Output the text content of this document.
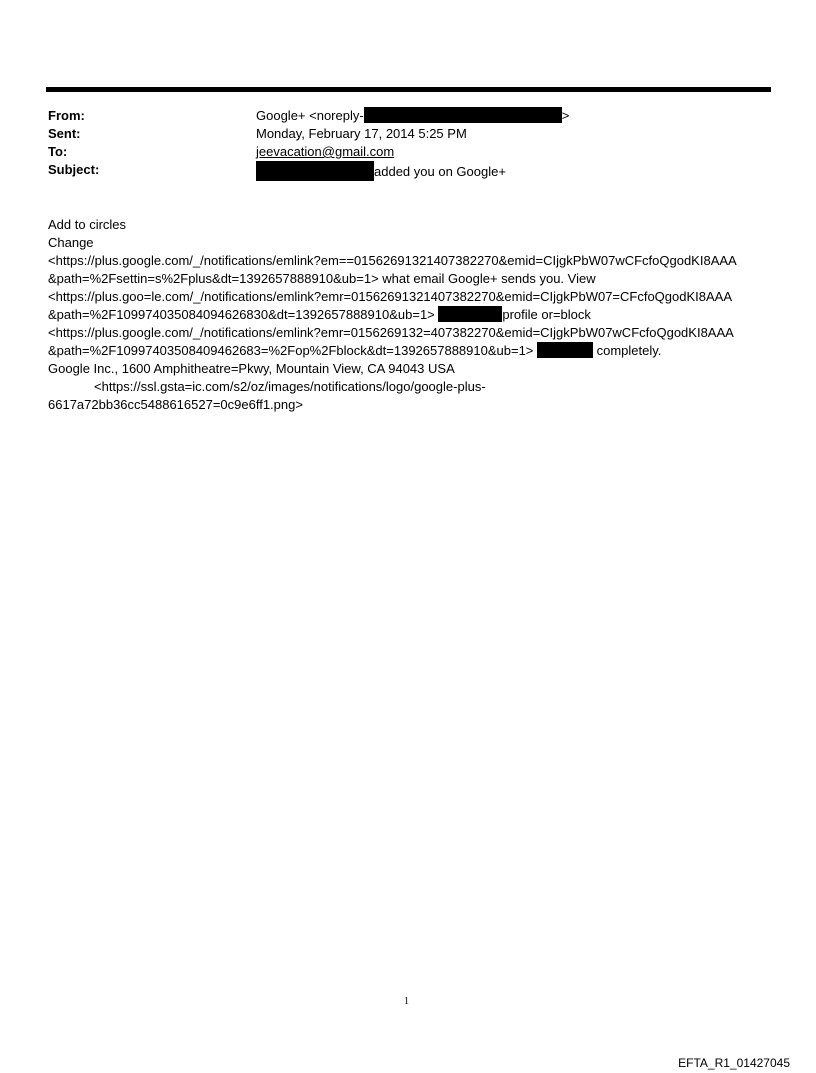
From:	Google+ <noreply-	>
Sent:	Monday, February 17, 2014 5:25 PM
To:	jeevacation@gmail.com
Subject:	added you on Google+
Add to circles
Change
<https://plus.google.com/_/notifications/emlink?em==01562691321407382270&emid=CIjgkPbW07wCFcfoQgodKI8AAA
&path=%2Fsettin=s%2Fplus&dt=1392657888910&ub=1> what email Google+ sends you. View
<https://plus.goo=le.com/_/notifications/emlink?emr=01562691321407382270&emid=CIjgkPbW07=CFcfoQgodKI8AAA
&path=%2F109974035084094626830&dt=1392657888910&ub=1>	profile or=block
<https://plus.google.com/_/notifications/emlink?emr=0156269132=407382270&emid=CIjgkPbW07wCFcfoQgodKI8AAA
&path=%2F10997403508409462683=%2Fop%2Fblock&dt=1392657888910&ub=1>	completely.
Google Inc., 1600 Amphitheatre=Pkwy, Mountain View, CA 94043 USA
<https://ssl.gsta=ic.com/s2/oz/images/notifications/logo/google-plus-
6617a72bb36cc5488616527=0c9e6ff1.png>
1
EFTA_R1_01427045
